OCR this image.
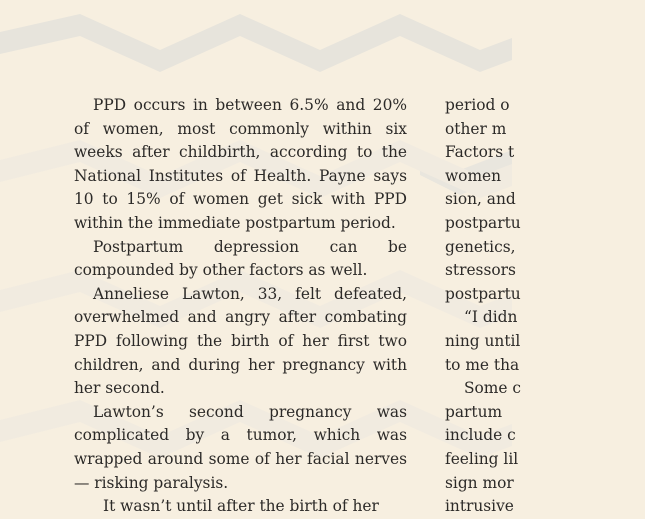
PPD occurs in between 6.5% and 20% of women, most commonly within six weeks after childbirth, according to the National Institutes of Health. Payne says 10 to 15% of women get sick with PPD within the immediate postpartum period.

Postpartum depression can be compounded by other factors as well.

Anneliese Lawton, 33, felt defeated, overwhelmed and angry after combating PPD following the birth of her first two children, and during her pregnancy with her second.

Lawton’s second pregnancy was complicated by a tumor, which was wrapped around some of her facial nerves— risking paralysis.

It wasn’t until after the birth of her

period o
other m
Factors t
women
sion, and
postpartu
genetics,
stressors
postpartu
“I didn
ning until
to me tha
Some c
partum
include c
feeling lil
sign mor
intrusive
